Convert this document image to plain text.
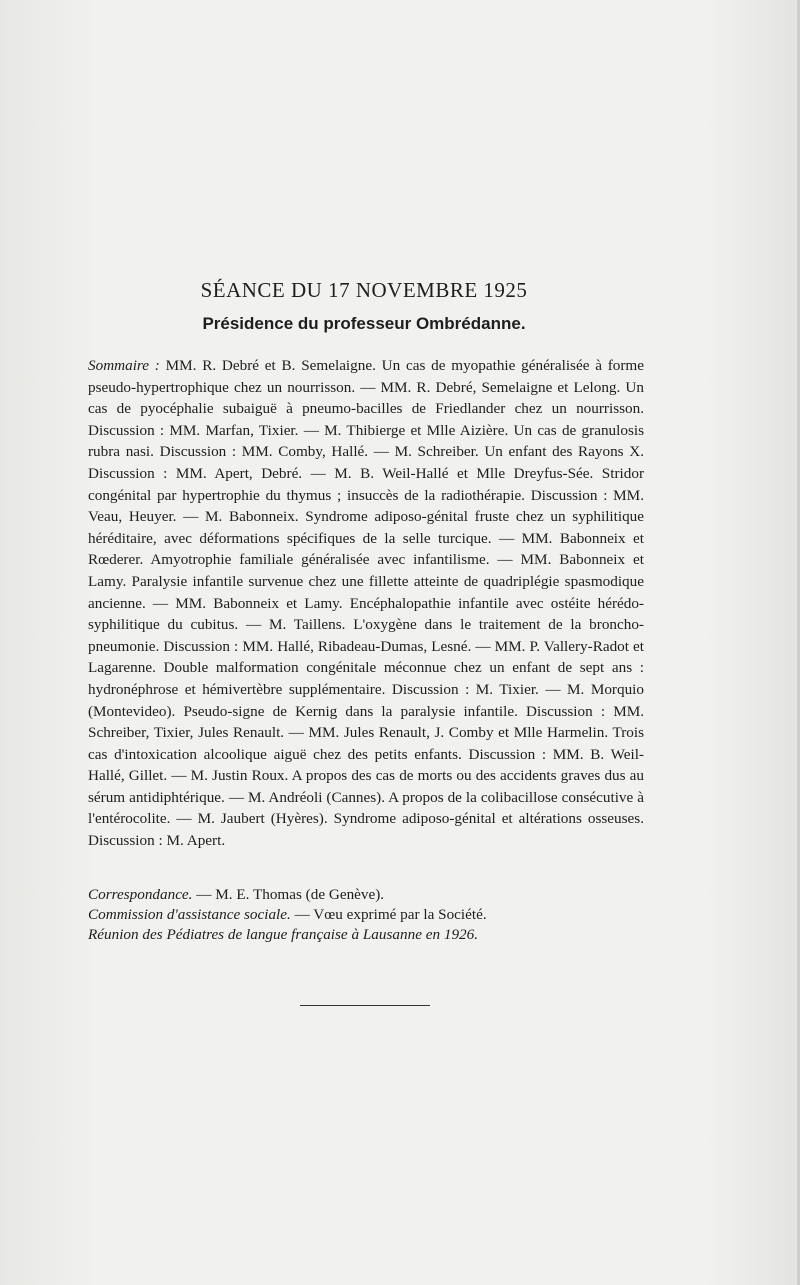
SÉANCE DU 17 NOVEMBRE 1925
Présidence du professeur Ombrédanne.

Sommaire : MM. R. Debré et B. Semelaigne. Un cas de myopathie généralisée à forme pseudo-hypertrophique chez un nourrisson. — MM. R. Debré, Semelaigne et Lelong. Un cas de pyocéphalie subaiguë à pneumo-bacilles de Friedlander chez un nourrisson. Discussion : MM. Marfan, Tixier. — M. Thibierge et Mlle Aizière. Un cas de granulosis rubra nasi. Discussion : MM. Comby, Hallé. — M. Schreiber. Un enfant des Rayons X. Discussion : MM. Apert, Debré. — M. B. Weil-Hallé et Mlle Dreyfus-Sée. Stridor congénital par hypertrophie du thymus ; insuccès de la radiothérapie. Discussion : MM. Veau, Heuyer. — M. Babonneix. Syndrome adiposo-génital fruste chez un syphilitique héréditaire, avec déformations spécifiques de la selle turcique. — MM. Babonneix et Rœderer. Amyotrophie familiale généralisée avec infantilisme. — MM. Babonneix et Lamy. Paralysie infantile survenue chez une fillette atteinte de quadriplégie spasmodique ancienne. — MM. Babonneix et Lamy. Encéphalopathie infantile avec ostéite hérédo-syphilitique du cubitus. — M. Taillens. L'oxygène dans le traitement de la broncho-pneumonie. Discussion : MM. Hallé, Ribadeau-Dumas, Lesné. — MM. P. Vallery-Radot et Lagarenne. Double malformation congénitale méconnue chez un enfant de sept ans : hydronéphrose et hémivertèbre supplémentaire. Discussion : M. Tixier. — M. Morquio (Montevideo). Pseudo-signe de Kernig dans la paralysie infantile. Discussion : MM. Schreiber, Tixier, Jules Renault. — MM. Jules Renault, J. Comby et Mlle Harmelin. Trois cas d'intoxication alcoolique aiguë chez des petits enfants. Discussion : MM. B. Weil-Hallé, Gillet. — M. Justin Roux. A propos des cas de morts ou des accidents graves dus au sérum antidiphtérique. — M. Andréoli (Cannes). A propos de la colibacillose consécutive à l'entérocolite. — M. Jaubert (Hyères). Syndrome adiposo-génital et altérations osseuses. Discussion : M. Apert.

Correspondance. — M. E. Thomas (de Genève).
Commission d'assistance sociale. — Vœu exprimé par la Société.
Réunion des Pédiatres de langue française à Lausanne en 1926.
